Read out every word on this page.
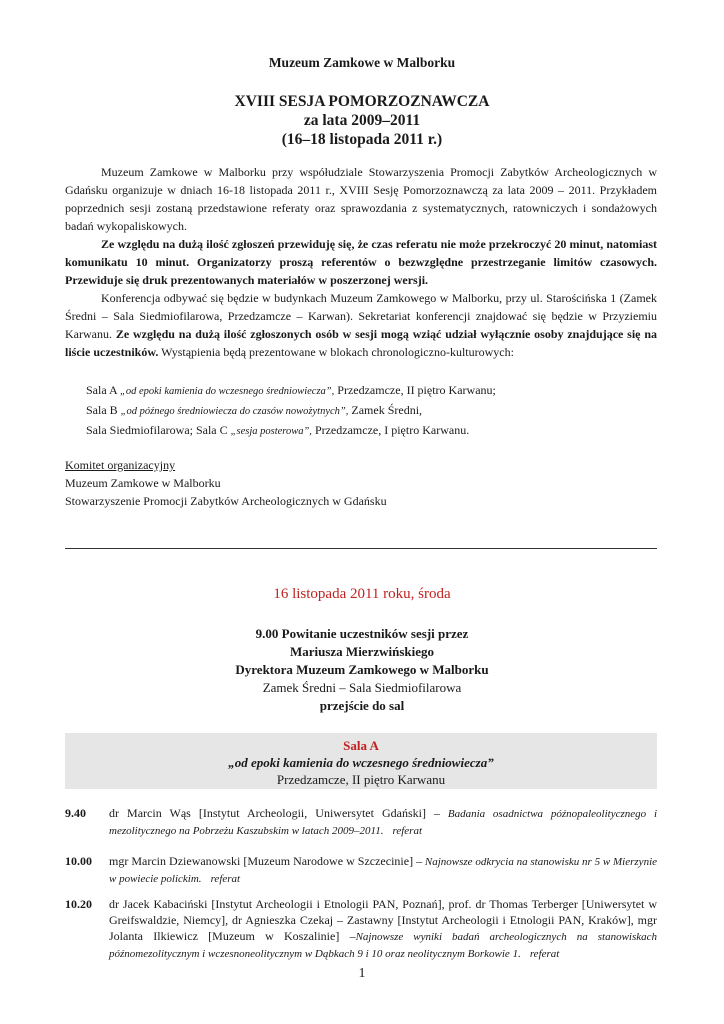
Muzeum Zamkowe w Malborku
XVIII SESJA POMORZOZNAWCZA
za lata 2009–2011
(16–18 listopada 2011 r.)

Muzeum Zamkowe w Malborku przy współudziale Stowarzyszenia Promocji Zabytków Archeologicznych w Gdańsku organizuje w dniach 16-18 listopada 2011 r., XVIII Sesję Pomorzoznawczą za lata 2009 – 2011. Przykładem poprzednich sesji zostaną przedstawione referaty oraz sprawozdania z systematycznych, ratowniczych i sondażowych badań wykopaliskowych.

Ze względu na dużą ilość zgłoszeń przewiduję się, że czas referatu nie może przekroczyć 20 minut, natomiast komunikatu 10 minut. Organizatorzy proszą referentów o bezwzględne przestrzeganie limitów czasowych. Przewiduje się druk prezentowanych materiałów w poszerzonej wersji.

Konferencja odbywać się będzie w budynkach Muzeum Zamkowego w Malborku, przy ul. Starościńska 1 (Zamek Średni – Sala Siedmiofilarowa, Przedzamcze – Karwan). Sekretariat konferencji znajdować się będzie w Przyziemiu Karwanu. Ze względu na dużą ilość zgłoszonych osób w sesji mogą wziąć udział wyłącznie osoby znajdujące się na liście uczestników. Wystąpienia będą prezentowane w blokach chronologiczno-kulturowych:

Sala A „od epoki kamienia do wczesnego średniowiecza”, Przedzamcze, II piętro Karwanu;
Sala B „od późnego średniowiecza do czasów nowożytnych”, Zamek Średni,
Sala Siedmiofilarowa; Sala C „sesja posterowa”, Przedzamcze, I piętro Karwanu.
Komitet organizacyjny
Muzeum Zamkowe w Malborku
Stowarzyszenie Promocji Zabytków Archeologicznych w Gdańsku
16 listopada 2011 roku, środa
9.00 Powitanie uczestników sesji przez
Mariusza Mierzwińskiego
Dyrektora Muzeum Zamkowego w Malborku
Zamek Średni – Sala Siedmiofilarowa
przejście do sal
Sala A
„od epoki kamienia do wczesnego średniowiecza”
Przedzamcze, II piętro Karwanu
9.40 dr Marcin Wąs [Instytut Archeologii, Uniwersytet Gdański] – Badania osadnictwa późnopaleolitycznego i mezolitycznego na Pobrzeżu Kaszubskim w latach 2009–2011. referat
10.00 mgr Marcin Dziewanowski [Muzeum Narodowe w Szczecinie] – Najnowsze odkrycia na stanowisku nr 5 w Mierzynie w powiecie polickim. referat
10.20 dr Jacek Kabaciński [Instytut Archeologii i Etnologii PAN, Poznań], prof. dr Thomas Terberger [Uniwersytet w Greifswaldzie, Niemcy], dr Agnieszka Czekaj – Zastawny [Instytut Archeologii i Etnologii PAN, Kraków], mgr Jolanta Ilkiewicz [Muzeum w Koszalinie] –Najnowsze wyniki badań archeologicznych na stanowiskach późnomezolitycznym i wczesnoneolitycznym w Dąbkach 9 i 10 oraz neolitycznym Borkowie 1. referat
1
